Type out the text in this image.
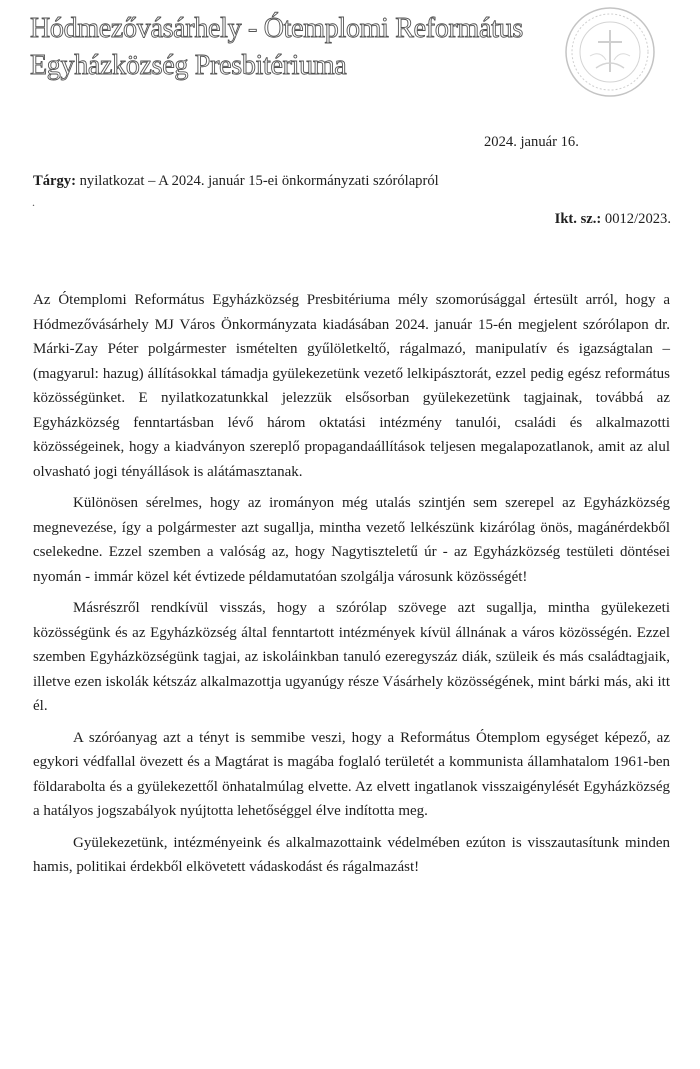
Hódmezővásárhely - Ótemplomi Református
Egyházközség Presbitériuma
2024. január 16.
Tárgy: nyilatkozat – A 2024. január 15-ei önkormányzati szórólapról
.
Ikt. sz.: 0012/2023.

Az Ótemplomi Református Egyházközség Presbitériuma mély szomorúsággal értesült arról, hogy a Hódmezővásárhely MJ Város Önkormányzata kiadásában 2024. január 15-én megjelent szórólapon dr. Márki-Zay Péter polgármester ismételten gyűlöletkeltő, rágalmazó, manipulatív és igazságtalan – (magyarul: hazug) állításokkal támadja gyülekezetünk vezető lelkipásztorát, ezzel pedig egész református közösségünket. E nyilatkozatunkkal jelezzük elsősorban gyülekezetünk tagjainak, továbbá az Egyházközség fenntartásban lévő három oktatási intézmény tanulói, családi és alkalmazotti közösségeinek, hogy a kiadványon szereplő propagandaállítások teljesen megalapozatlanok, amit az alul olvasható jogi tényállások is alátámasztanak.

Különösen sérelmes, hogy az irományon még utalás szintjén sem szerepel az Egyházközség megnevezése, így a polgármester azt sugallja, mintha vezető lelkészünk kizárólag önös, magánérdekből cselekedne. Ezzel szemben a valóság az, hogy Nagytiszteletű úr - az Egyházközség testületi döntései nyomán - immár közel két évtizede példamutatóan szolgálja városunk közösségét!

Másrészről rendkívül visszás, hogy a szórólap szövege azt sugallja, mintha gyülekezeti közösségünk és az Egyházközség által fenntartott intézmények kívül állnának a város közösségén. Ezzel szemben Egyházközségünk tagjai, az iskoláinkban tanuló ezeregyszáz diák, szüleik és más családtagjaik, illetve ezen iskolák kétszáz alkalmazottja ugyanúgy része Vásárhely közösségének, mint bárki más, aki itt él.

A szóróanyag azt a tényt is semmibe veszi, hogy a Református Ótemplom egységet képező, az egykori védfallal övezett és a Magtárat is magába foglaló területét a kommunista államhatalom 1961-ben földarabolta és a gyülekezettől önhatalmúlag elvette. Az elvett ingatlanok visszaigénylését Egyházközség a hatályos jogszabályok nyújtotta lehetőséggel élve indította meg.

Gyülekezetünk, intézményeink és alkalmazottaink védelmében ezúton is visszautasítunk minden hamis, politikai érdekből elkövetett vádaskodást és rágalmazást!
